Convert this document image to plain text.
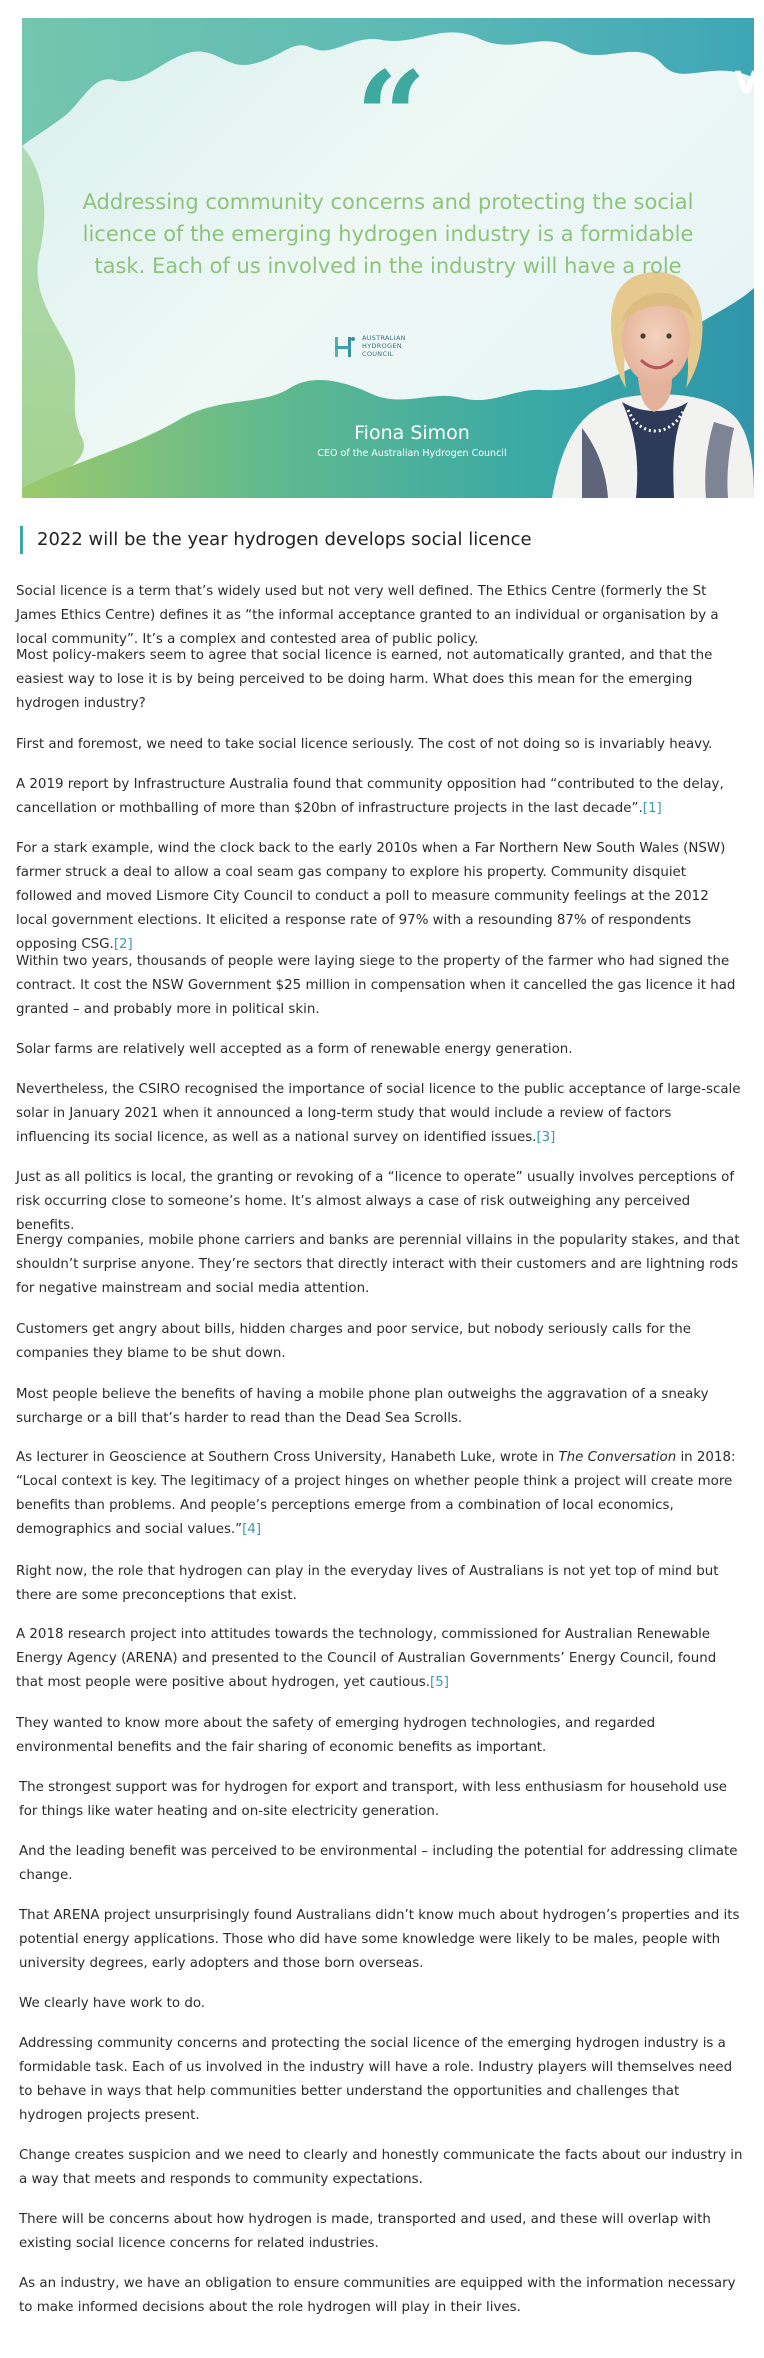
“
Addressing community concerns and protecting the social licence of the emerging hydrogen industry is a formidable task. Each of us involved in the industry will have a role
AUSTRALIAN
HYDROGEN
COUNCIL
Fiona Simon
CEO of the Australian Hydrogen Council
V
2022 will be the year hydrogen develops social licence

Social licence is a term that’s widely used but not very well defined. The Ethics Centre (formerly the St James Ethics Centre) defines it as “the informal acceptance granted to an individual or organisation by a local community”. It’s a complex and contested area of public policy.

Most policy-makers seem to agree that social licence is earned, not automatically granted, and that the easiest way to lose it is by being perceived to be doing harm. What does this mean for the emerging hydrogen industry?

First and foremost, we need to take social licence seriously. The cost of not doing so is invariably heavy.

A 2019 report by Infrastructure Australia found that community opposition had “contributed to the delay, cancellation or mothballing of more than $20bn of infrastructure projects in the last decade”.[1]

For a stark example, wind the clock back to the early 2010s when a Far Northern New South Wales (NSW) farmer struck a deal to allow a coal seam gas company to explore his property. Community disquiet followed and moved Lismore City Council to conduct a poll to measure community feelings at the 2012 local government elections. It elicited a response rate of 97% with a resounding 87% of respondents opposing CSG.[2]

Within two years, thousands of people were laying siege to the property of the farmer who had signed the contract. It cost the NSW Government $25 million in compensation when it cancelled the gas licence it had granted – and probably more in political skin.

Solar farms are relatively well accepted as a form of renewable energy generation.

Nevertheless, the CSIRO recognised the importance of social licence to the public acceptance of large-scale solar in January 2021 when it announced a long-term study that would include a review of factors influencing its social licence, as well as a national survey on identified issues.[3]

Just as all politics is local, the granting or revoking of a “licence to operate” usually involves perceptions of risk occurring close to someone’s home. It’s almost always a case of risk outweighing any perceived benefits.

Energy companies, mobile phone carriers and banks are perennial villains in the popularity stakes, and that shouldn’t surprise anyone. They’re sectors that directly interact with their customers and are lightning rods for negative mainstream and social media attention.

Customers get angry about bills, hidden charges and poor service, but nobody seriously calls for the companies they blame to be shut down.

Most people believe the benefits of having a mobile phone plan outweighs the aggravation of a sneaky surcharge or a bill that’s harder to read than the Dead Sea Scrolls.

As lecturer in Geoscience at Southern Cross University, Hanabeth Luke, wrote in The Conversation in 2018: “Local context is key. The legitimacy of a project hinges on whether people think a project will create more benefits than problems. And people’s perceptions emerge from a combination of local economics, demographics and social values.”[4]

Right now, the role that hydrogen can play in the everyday lives of Australians is not yet top of mind but there are some preconceptions that exist.

A 2018 research project into attitudes towards the technology, commissioned for Australian Renewable Energy Agency (ARENA) and presented to the Council of Australian Governments’ Energy Council, found that most people were positive about hydrogen, yet cautious.[5]

They wanted to know more about the safety of emerging hydrogen technologies, and regarded environmental benefits and the fair sharing of economic benefits as important.

The strongest support was for hydrogen for export and transport, with less enthusiasm for household use for things like water heating and on-site electricity generation.

And the leading benefit was perceived to be environmental – including the potential for addressing climate change.

That ARENA project unsurprisingly found Australians didn’t know much about hydrogen’s properties and its potential energy applications. Those who did have some knowledge were likely to be males, people with university degrees, early adopters and those born overseas.

We clearly have work to do.

Addressing community concerns and protecting the social licence of the emerging hydrogen industry is a formidable task. Each of us involved in the industry will have a role. Industry players will themselves need to behave in ways that help communities better understand the opportunities and challenges that hydrogen projects present.

Change creates suspicion and we need to clearly and honestly communicate the facts about our industry in a way that meets and responds to community expectations.

There will be concerns about how hydrogen is made, transported and used, and these will overlap with existing social licence concerns for related industries.

As an industry, we have an obligation to ensure communities are equipped with the information necessary to make informed decisions about the role hydrogen will play in their lives.
